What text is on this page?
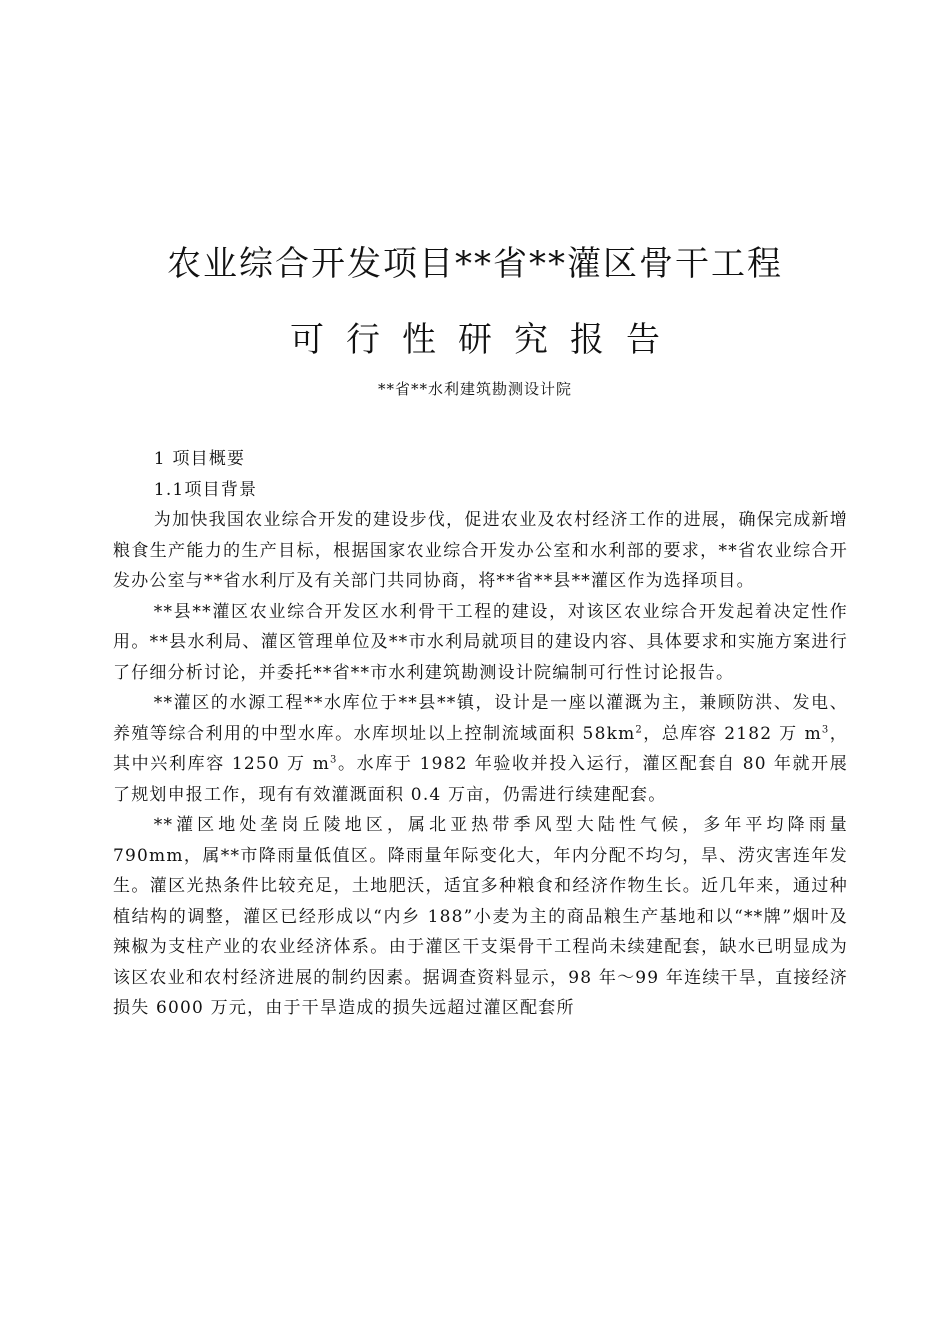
农业综合开发项目**省**灌区骨干工程
可行性研究报告
**省**水利建筑勘测设计院

1 项目概要

1.1项目背景

为加快我国农业综合开发的建设步伐，促进农业及农村经济工作的进展，确保完成新增粮食生产能力的生产目标，根据国家农业综合开发办公室和水利部的要求，**省农业综合开发办公室与**省水利厅及有关部门共同协商，将**省**县**灌区作为选择项目。

**县**灌区农业综合开发区水利骨干工程的建设，对该区农业综合开发起着决定性作用。**县水利局、灌区管理单位及**市水利局就项目的建设内容、具体要求和实施方案进行了仔细分析讨论，并委托**省**市水利建筑勘测设计院编制可行性讨论报告。

**灌区的水源工程**水库位于**县**镇，设计是一座以灌溉为主，兼顾防洪、发电、养殖等综合利用的中型水库。水库坝址以上控制流域面积 $58km^2$，总库容 2182 万 $m^3$，其中兴利库容 1250 万 $m^3$。水库于 1982 年验收并投入运行，灌区配套自 80 年就开展了规划申报工作，现有有效灌溉面积 0.4 万亩，仍需进行续建配套。

**灌区地处垄岗丘陵地区，属北亚热带季风型大陆性气候，多年平均降雨量 790mm，属**市降雨量低值区。降雨量年际变化大，年内分配不均匀，旱、涝灾害连年发生。灌区光热条件比较充足，土地肥沃，适宜多种粮食和经济作物生长。近几年来，通过种植结构的调整，灌区已经形成以“内乡 188”小麦为主的商品粮生产基地和以“**牌”烟叶及辣椒为支柱产业的农业经济体系。由于灌区干支渠骨干工程尚未续建配套，缺水已明显成为该区农业和农村经济进展的制约因素。据调查资料显示，98 年～99 年连续干旱，直接经济损失 6000 万元，由于干旱造成的损失远超过灌区配套所
